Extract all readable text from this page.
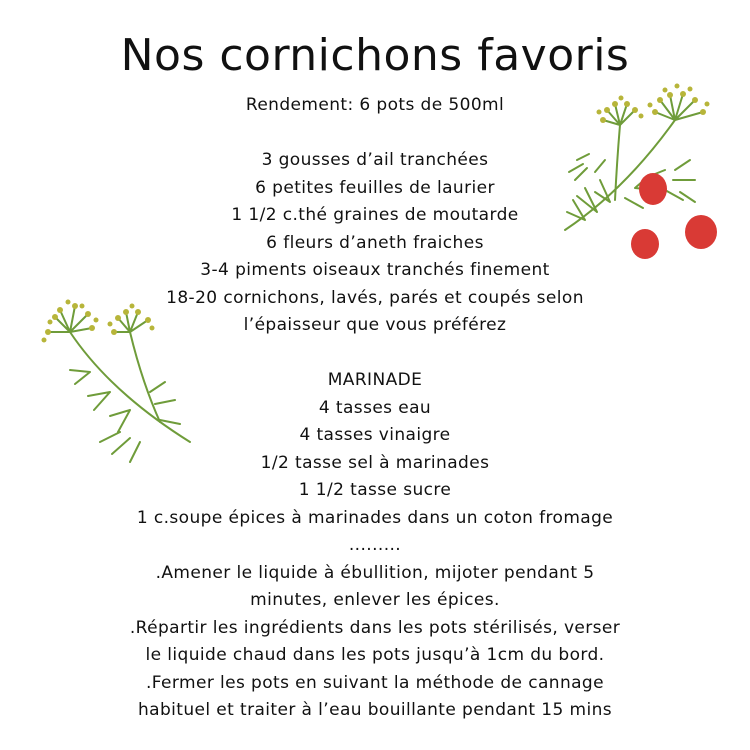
Nos cornichons favoris
Rendement: 6 pots de 500ml
3 gousses d’ail tranchées
6 petites feuilles de laurier
1 1/2 c.thé graines de moutarde
6 fleurs d’aneth fraiches
3-4 piments oiseaux tranchés finement
18-20 cornichons, lavés, parés et coupés selon
l’épaisseur que vous préférez
MARINADE
4 tasses eau
4 tasses vinaigre
1/2 tasse sel à marinades
1 1/2 tasse sucre
1 c.soupe épices à marinades dans un coton fromage
.........
.Amener le liquide à ébullition, mijoter pendant 5
minutes, enlever les épices.
.Répartir les ingrédients dans les pots stérilisés, verser
le liquide chaud dans les pots jusqu’à 1cm du bord.
.Fermer les pots en suivant la méthode de cannage
habituel et traiter à l’eau bouillante pendant 15 mins
